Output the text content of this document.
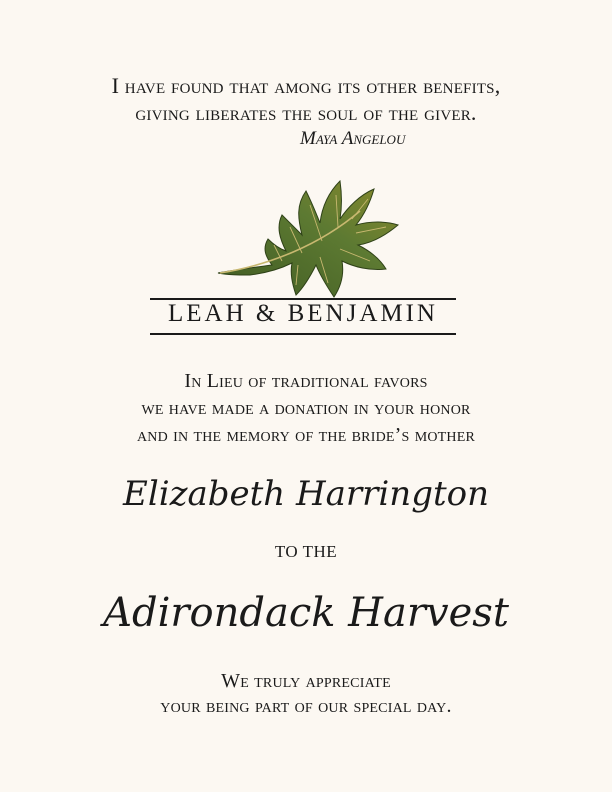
I have found that among its other benefits,
giving liberates the soul of the giver.
Maya Angelou
LEAH & BENJAMIN
In Lieu of traditional favors
we have made a donation in your honor
and in the memory of the bride’s mother
Elizabeth Harrington
TO THE
Adirondack Harvest
We truly appreciate
your being part of our special day.
